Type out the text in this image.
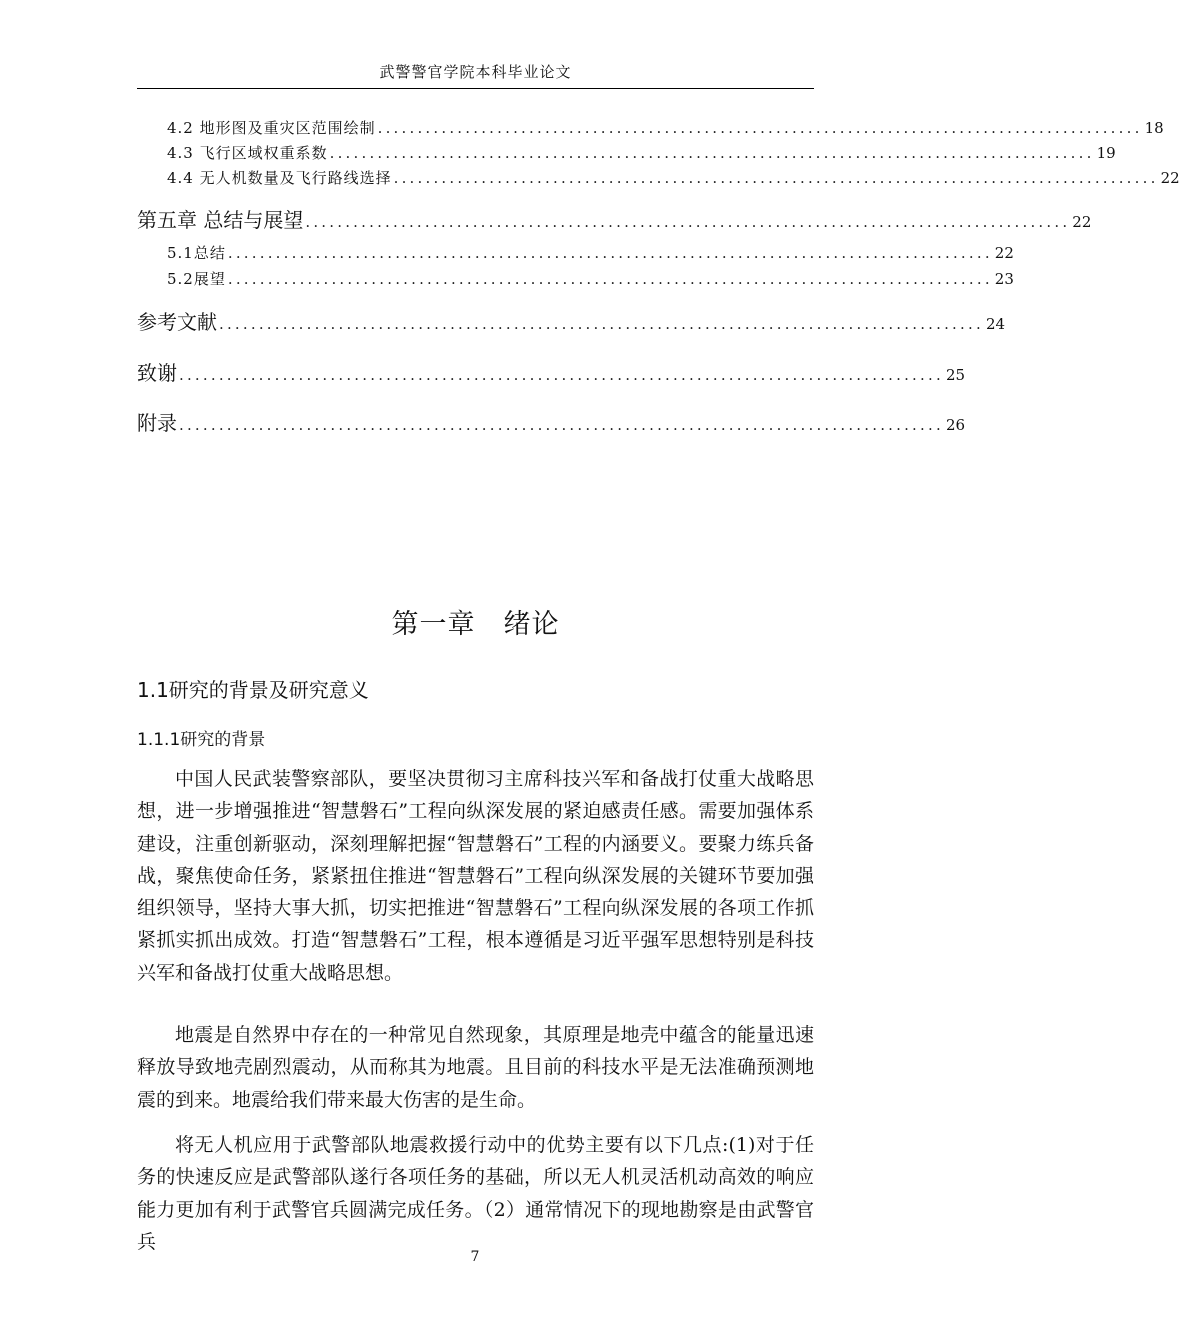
武警警官学院本科毕业论文
4.2 地形图及重灾区范围绘制 ................................................................................................ 18
4.3 飞行区域权重系数 ................................................................................................ 19
4.4 无人机数量及飞行路线选择 ................................................................................................ 22
第五章 总结与展望 ................................................................................................ 22
5.1总结 ................................................................................................ 22
5.2展望 ................................................................................................ 23
参考文献 ................................................................................................ 24
致谢 ................................................................................................ 25
附录 ................................................................................................ 26
第一章　绪论
1.1研究的背景及研究意义
1.1.1研究的背景

中国人民武装警察部队，要坚决贯彻习主席科技兴军和备战打仗重大战略思想，进一步增强推进“智慧磐石”工程向纵深发展的紧迫感责任感。需要加强体系建设，注重创新驱动，深刻理解把握“智慧磐石”工程的内涵要义。要聚力练兵备战，聚焦使命任务，紧紧扭住推进“智慧磐石”工程向纵深发展的关键环节要加强组织领导，坚持大事大抓，切实把推进“智慧磐石”工程向纵深发展的各项工作抓紧抓实抓出成效。打造“智慧磐石”工程，根本遵循是习近平强军思想特别是科技兴军和备战打仗重大战略思想。

地震是自然界中存在的一种常见自然现象，其原理是地壳中蕴含的能量迅速释放导致地壳剧烈震动，从而称其为地震。且目前的科技水平是无法准确预测地震的到来。地震给我们带来最大伤害的是生命。

将无人机应用于武警部队地震救援行动中的优势主要有以下几点:(1)对于任务的快速反应是武警部队遂行各项任务的基础，所以无人机灵活机动高效的响应能力更加有利于武警官兵圆满完成任务。（2）通常情况下的现地勘察是由武警官兵

7
